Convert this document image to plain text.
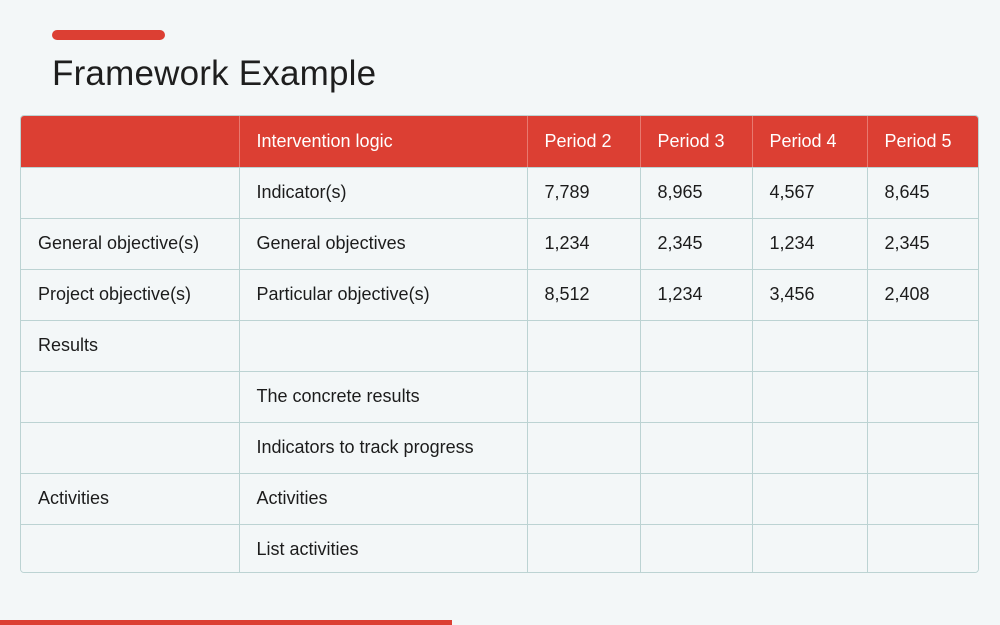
Framework Example
	Intervention logic	Period 2	Period 3	Period 4	Period 5
	Indicator(s)	7,789	8,965	4,567	8,645
General objective(s)	General objectives	1,234	2,345	1,234	2,345
Project objective(s)	Particular objective(s)	8,512	1,234	3,456	2,408
Results					
	The concrete results				
	Indicators to track progress				
Activities	Activities				
	List activities				
